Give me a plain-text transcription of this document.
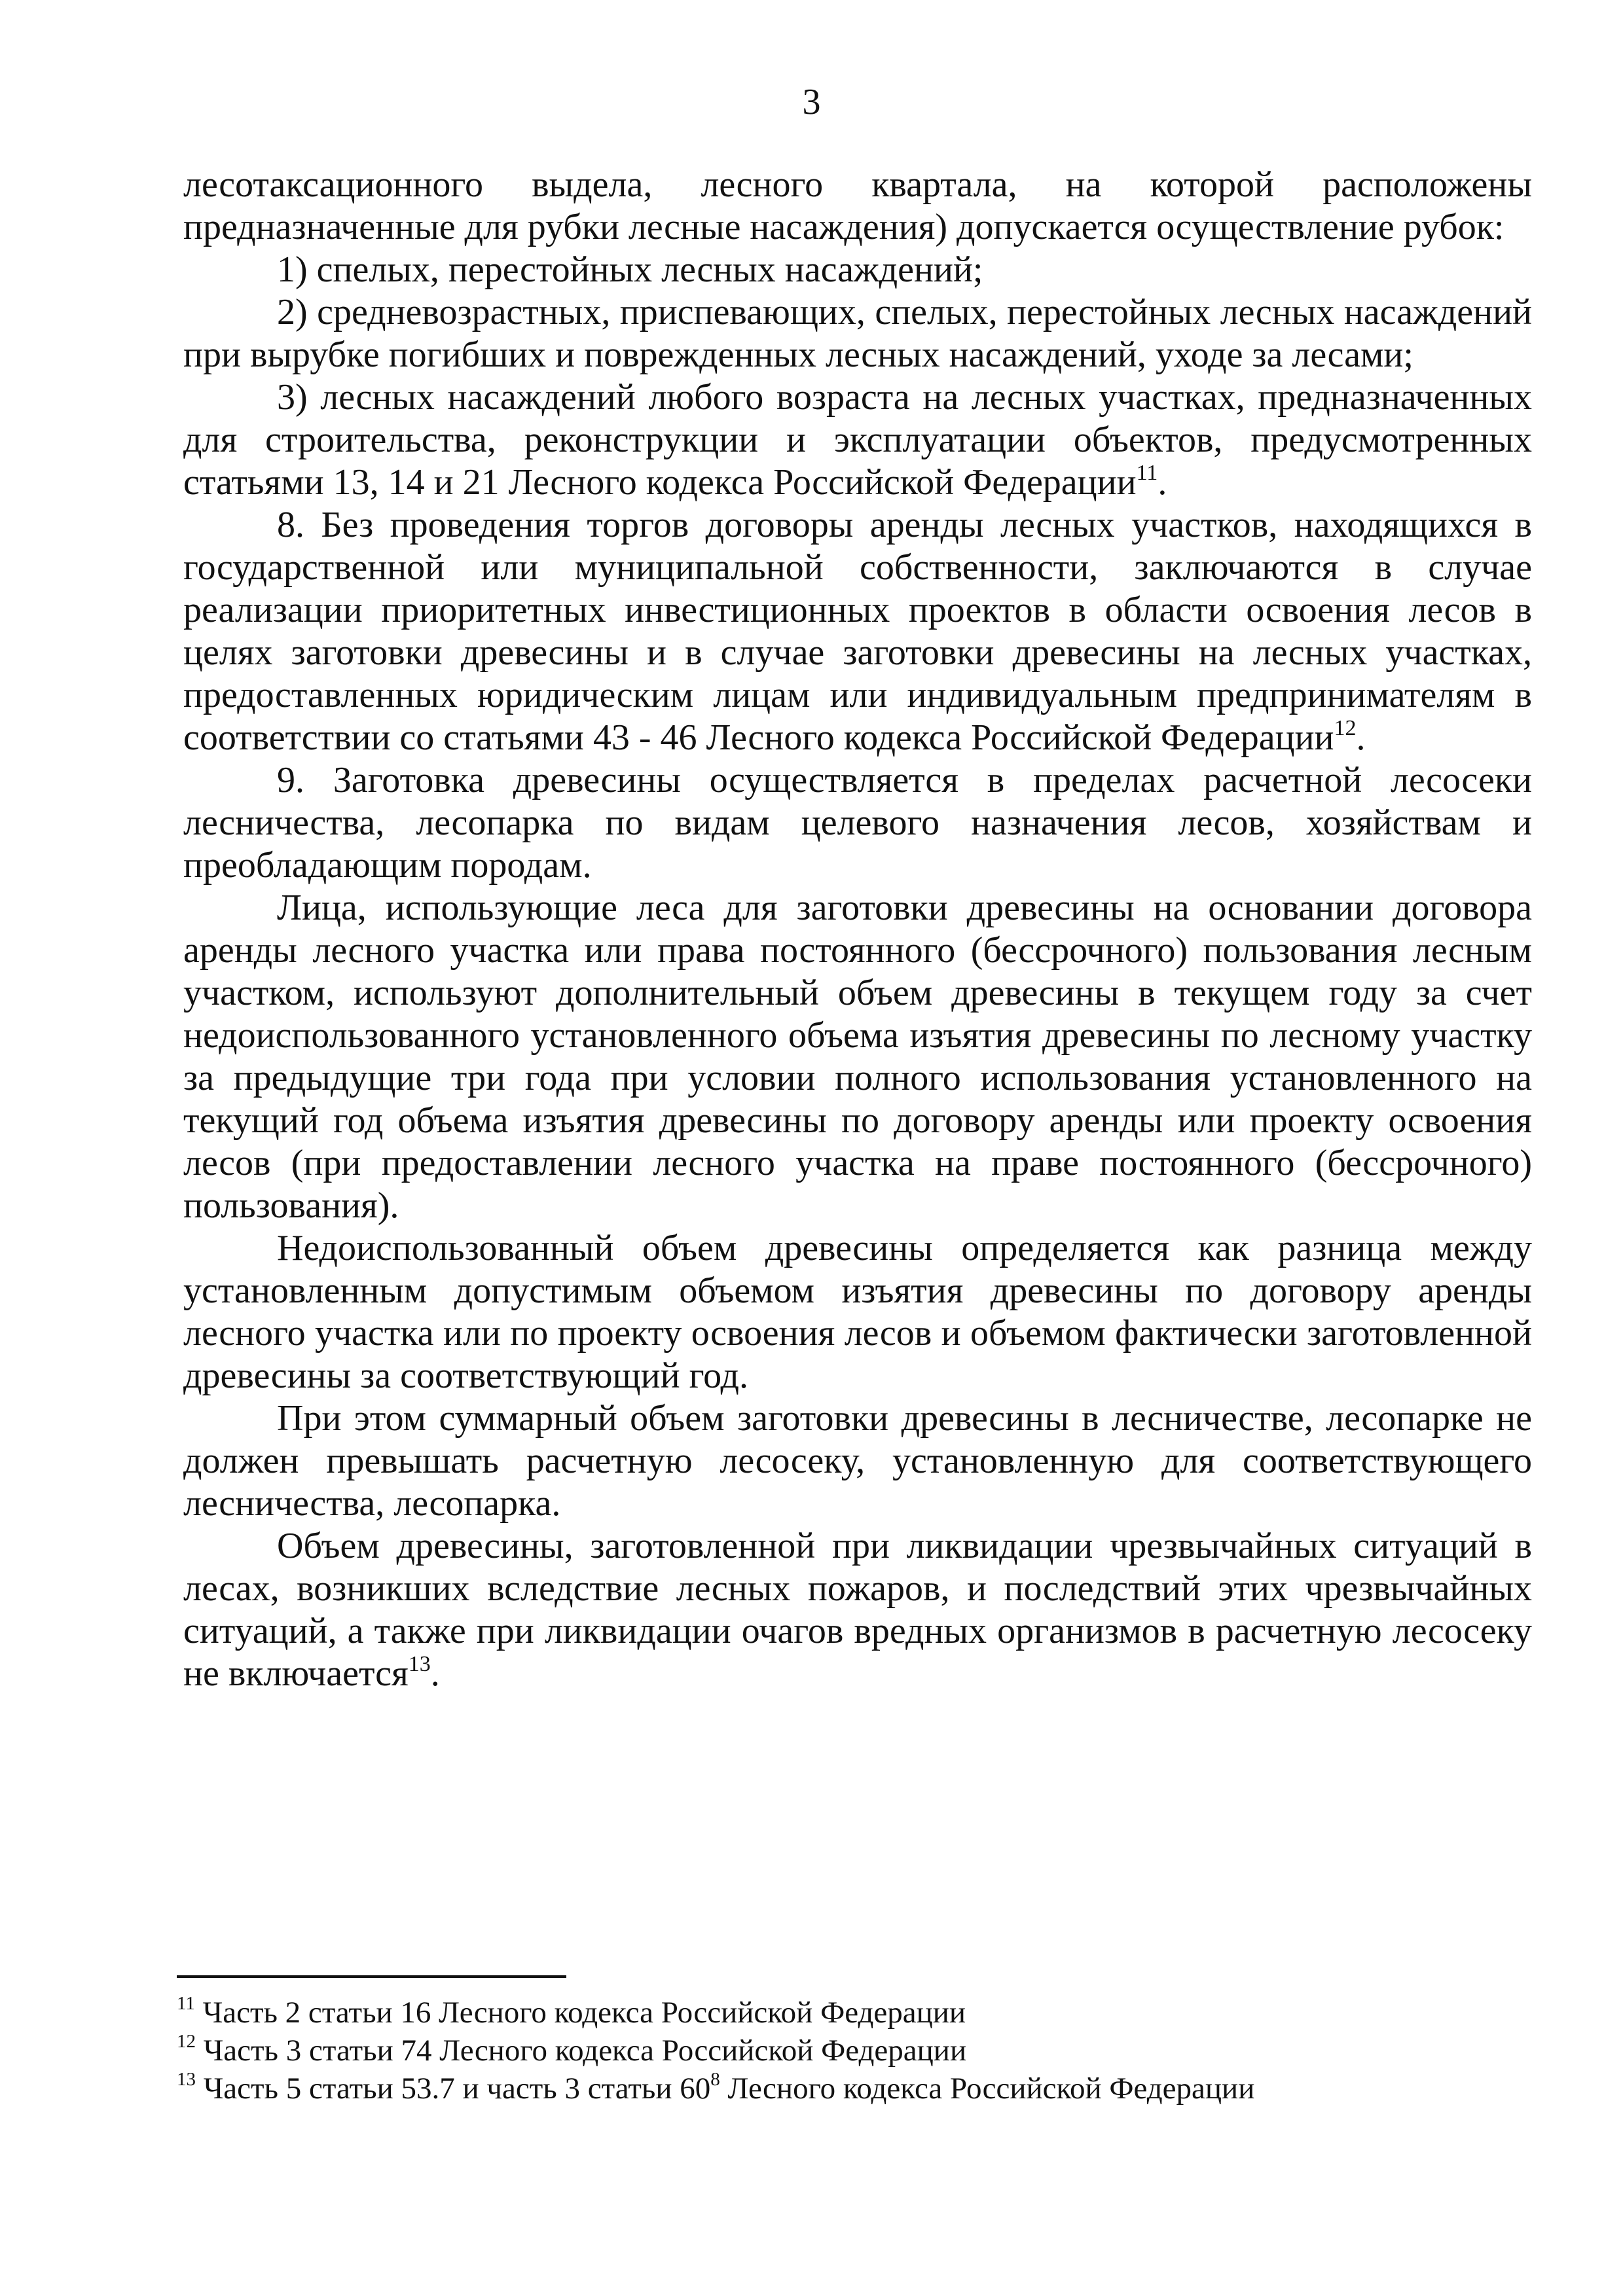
3

лесотаксационного выдела, лесного квартала, на которой расположены предназначенные для рубки лесные насаждения) допускается осуществление рубок:

1) спелых, перестойных лесных насаждений;

2) средневозрастных, приспевающих, спелых, перестойных лесных насаждений при вырубке погибших и поврежденных лесных насаждений, уходе за лесами;

3) лесных насаждений любого возраста на лесных участках, предназначенных для строительства, реконструкции и эксплуатации объектов, предусмотренных статьями 13, 14 и 21 Лесного кодекса Российской Федерации$^{11}$.

8. Без проведения торгов договоры аренды лесных участков, находящихся в государственной или муниципальной собственности, заключаются в случае реализации приоритетных инвестиционных проектов в области освоения лесов в целях заготовки древесины и в случае заготовки древесины на лесных участках, предоставленных юридическим лицам или индивидуальным предпринимателям в соответствии со статьями 43 - 46 Лесного кодекса Российской Федерации$^{12}$.

9. Заготовка древесины осуществляется в пределах расчетной лесосеки лесничества, лесопарка по видам целевого назначения лесов, хозяйствам и преобладающим породам.

Лица, использующие леса для заготовки древесины на основании договора аренды лесного участка или права постоянного (бессрочного) пользования лесным участком, используют дополнительный объем древесины в текущем году за счет недоиспользованного установленного объема изъятия древесины по лесному участку за предыдущие три года при условии полного использования установленного на текущий год объема изъятия древесины по договору аренды или проекту освоения лесов (при предоставлении лесного участка на праве постоянного (бессрочного) пользования).

Недоиспользованный объем древесины определяется как разница между установленным допустимым объемом изъятия древесины по договору аренды лесного участка или по проекту освоения лесов и объемом фактически заготовленной древесины за соответствующий год.

При этом суммарный объем заготовки древесины в лесничестве, лесопарке не должен превышать расчетную лесосеку, установленную для соответствующего лесничества, лесопарка.

Объем древесины, заготовленной при ликвидации чрезвычайных ситуаций в лесах, возникших вследствие лесных пожаров, и последствий этих чрезвычайных ситуаций, а также при ликвидации очагов вредных организмов в расчетную лесосеку не включается$^{13}$.

$^{11}$ Часть 2 статьи 16 Лесного кодекса Российской Федерации

$^{12}$ Часть 3 статьи 74 Лесного кодекса Российской Федерации

$^{13}$ Часть 5 статьи 53.7 и часть 3 статьи $60^8$ Лесного кодекса Российской Федерации
